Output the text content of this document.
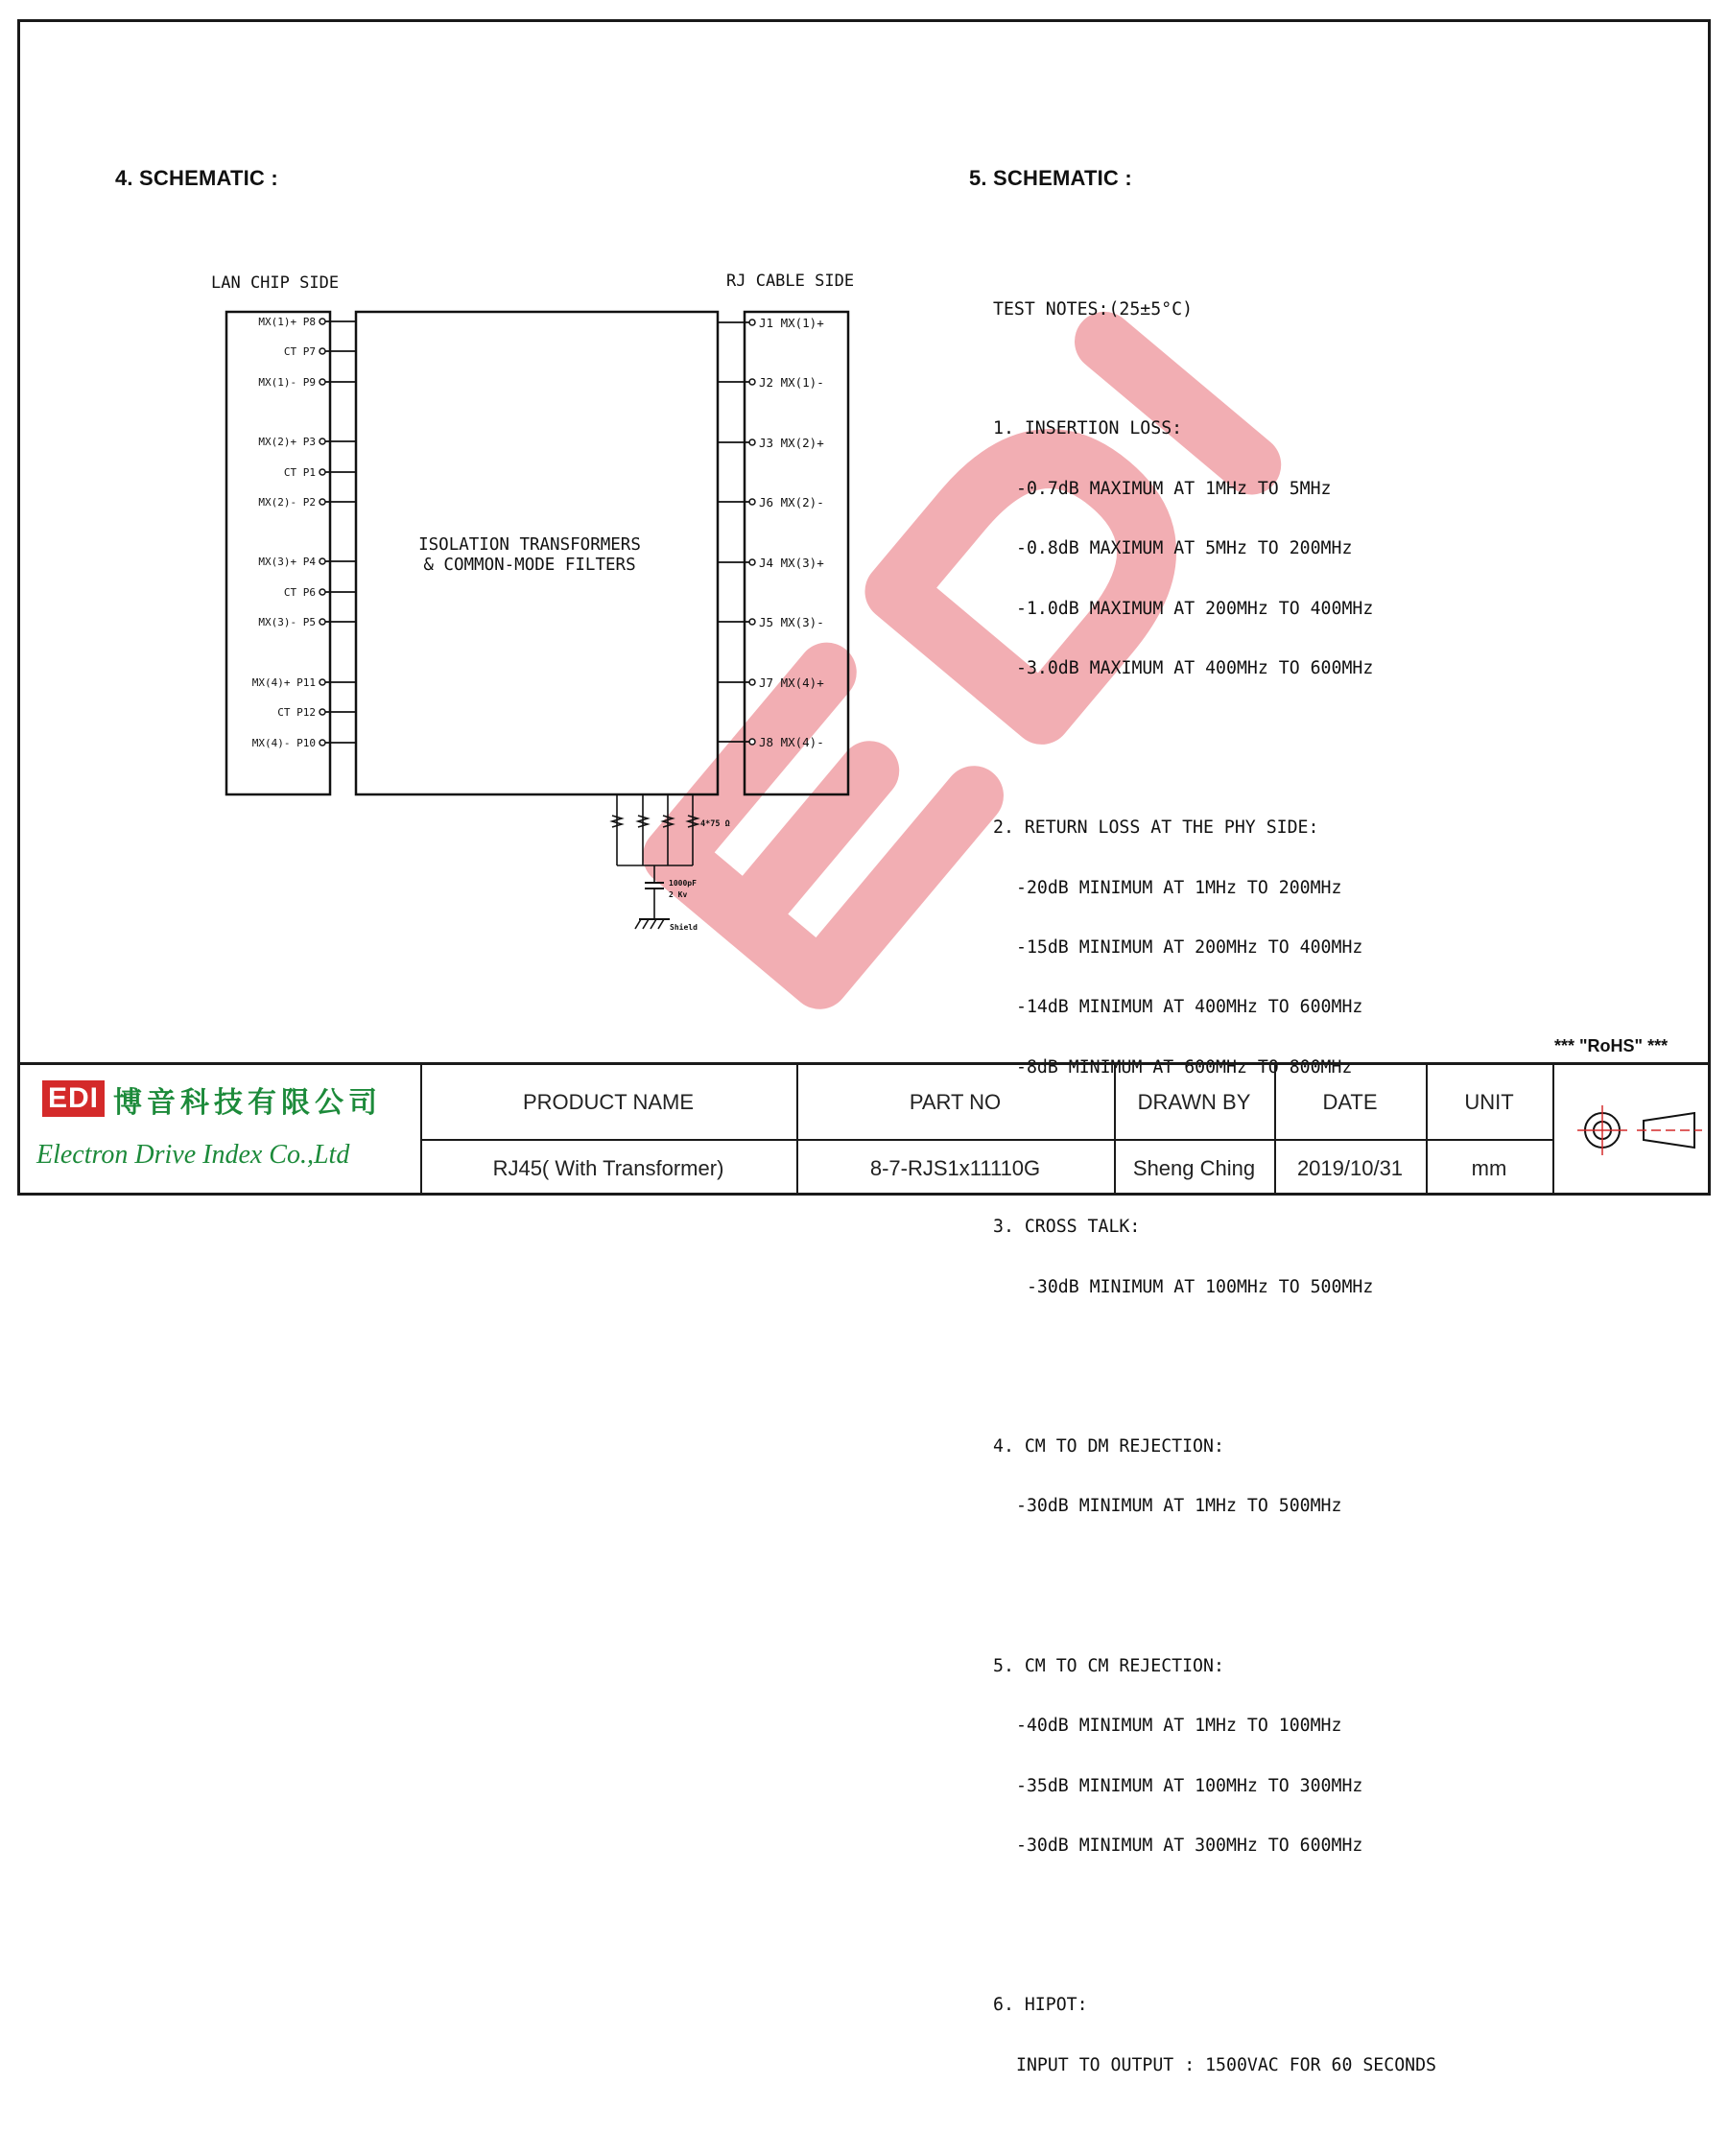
4. SCHEMATIC :	5. SCHEMATIC :
LAN CHIP SIDE	RJ CABLE SIDE
ISOLATION TRANSFORMERS
& COMMON-MODE FILTERS
MX(1)+ P8
CT P7
MX(1)- P9
MX(2)+ P3
CT P1
MX(2)- P2
MX(3)+ P4
CT P6
MX(3)- P5
MX(4)+ P11
CT P12
MX(4)- P10
J1 MX(1)+
J2 MX(1)-
J3 MX(2)+
J6 MX(2)-
J4 MX(3)+
J5 MX(3)-
J7 MX(4)+
J8 MX(4)-
4*75 Ω
1000pF
2 Kv
Shield

TEST NOTES:(25±5°C)

1. INSERTION LOSS:

-0.7dB MAXIMUM AT 1MHz TO 5MHz

-0.8dB MAXIMUM AT 5MHz TO 200MHz

-1.0dB MAXIMUM AT 200MHz TO 400MHz

-3.0dB MAXIMUM AT 400MHz TO 600MHz

2. RETURN LOSS AT THE PHY SIDE:

-20dB MINIMUM AT 1MHz TO 200MHz

-15dB MINIMUM AT 200MHz TO 400MHz

-14dB MINIMUM AT 400MHz TO 600MHz

-8dB MINIMUM AT 600MHz TO 800MHz

3. CROSS TALK:

-30dB MINIMUM AT 100MHz TO 500MHz

4. CM TO DM REJECTION:

-30dB MINIMUM AT 1MHz TO 500MHz

5. CM TO CM REJECTION:

-40dB MINIMUM AT 1MHz TO 100MHz

-35dB MINIMUM AT 100MHz TO 300MHz

-30dB MINIMUM AT 300MHz TO 600MHz

6. HIPOT:

INPUT TO OUTPUT : 1500VAC FOR 60 SECONDS

*** "RoHS" ***
EDI 博音科技有限公司
Electron Drive Index Co.,Ltd
PRODUCT NAME	PART NO	DRAWN BY	DATE	UNIT
RJ45( With Transformer)	8-7-RJS1x11110G	Sheng Ching	2019/10/31	mm
